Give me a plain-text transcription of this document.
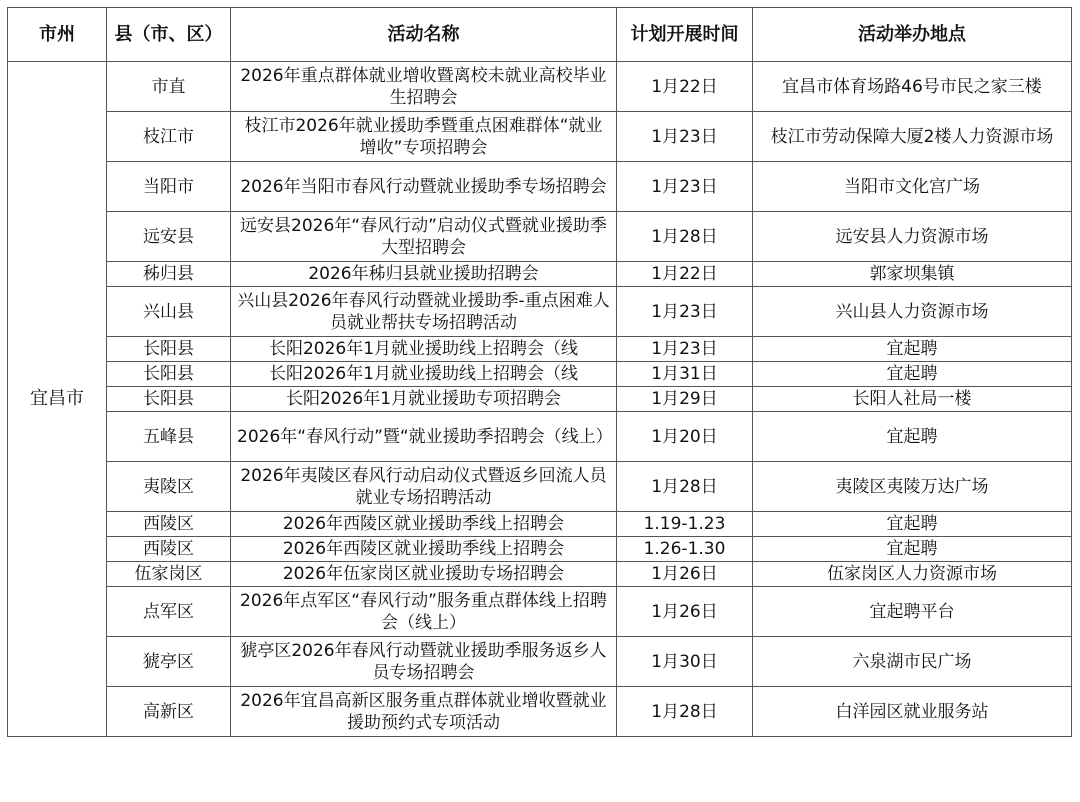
市州	县（市、区）	活动名称	计划开展时间	活动举办地点
宜昌市	市直	2026年重点群体就业增收暨离校未就业高校毕业生招聘会	1月22日	宜昌市体育场路46号市民之家三楼
	枝江市	枝江市2026年就业援助季暨重点困难群体“就业增收”专项招聘会	1月23日	枝江市劳动保障大厦2楼人力资源市场
	当阳市	2026年当阳市春风行动暨就业援助季专场招聘会	1月23日	当阳市文化宫广场
	远安县	远安县2026年“春风行动”启动仪式暨就业援助季大型招聘会	1月28日	远安县人力资源市场
	秭归县	2026年秭归县就业援助招聘会	1月22日	郭家坝集镇
	兴山县	兴山县2026年春风行动暨就业援助季-重点困难人员就业帮扶专场招聘活动	1月23日	兴山县人力资源市场
	长阳县	长阳2026年1月就业援助线上招聘会（线	1月23日	宜起聘
	长阳县	长阳2026年1月就业援助线上招聘会（线	1月31日	宜起聘
	长阳县	长阳2026年1月就业援助专项招聘会	1月29日	长阳人社局一楼
	五峰县	2026年“春风行动”暨“就业援助季招聘会（线上）	1月20日	宜起聘
	夷陵区	2026年夷陵区春风行动启动仪式暨返乡回流人员就业专场招聘活动	1月28日	夷陵区夷陵万达广场
	西陵区	2026年西陵区就业援助季线上招聘会	1.19-1.23	宜起聘
	西陵区	2026年西陵区就业援助季线上招聘会	1.26-1.30	宜起聘
	伍家岗区	2026年伍家岗区就业援助专场招聘会	1月26日	伍家岗区人力资源市场
	点军区	2026年点军区“春风行动”服务重点群体线上招聘会（线上）	1月26日	宜起聘平台
	猇亭区	猇亭区2026年春风行动暨就业援助季服务返乡人员专场招聘会	1月30日	六泉湖市民广场
	高新区	2026年宜昌高新区服务重点群体就业增收暨就业援助预约式专项活动	1月28日	白洋园区就业服务站
